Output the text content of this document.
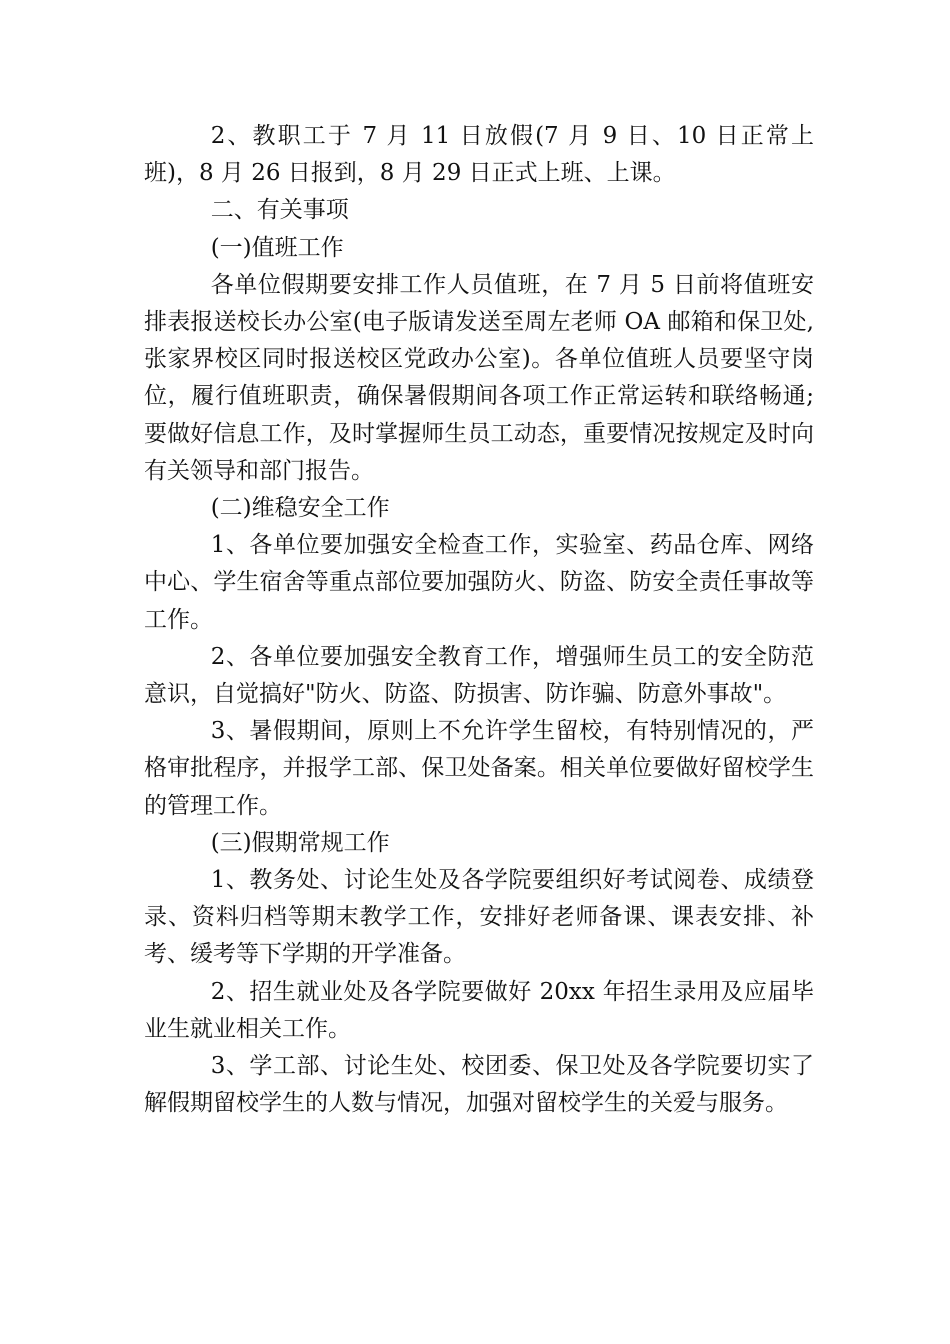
2、教职工于 7 月 11 日放假(7 月 9 日、10 日正常上班)，8 月 26 日报到，8 月 29 日正式上班、上课。

二、有关事项

(一)值班工作

各单位假期要安排工作人员值班，在 7 月 5 日前将值班安排表报送校长办公室(电子版请发送至周左老师 OA 邮箱和保卫处,张家界校区同时报送校区党政办公室)。各单位值班人员要坚守岗位，履行值班职责，确保暑假期间各项工作正常运转和联络畅通;要做好信息工作，及时掌握师生员工动态，重要情况按规定及时向有关领导和部门报告。

(二)维稳安全工作

1、各单位要加强安全检查工作，实验室、药品仓库、网络中心、学生宿舍等重点部位要加强防火、防盗、防安全责任事故等工作。

2、各单位要加强安全教育工作，增强师生员工的安全防范意识，自觉搞好"防火、防盗、防损害、防诈骗、防意外事故"。

3、暑假期间，原则上不允许学生留校，有特别情况的，严格审批程序，并报学工部、保卫处备案。相关单位要做好留校学生的管理工作。

(三)假期常规工作

1、教务处、讨论生处及各学院要组织好考试阅卷、成绩登录、资料归档等期末教学工作，安排好老师备课、课表安排、补考、缓考等下学期的开学准备。

2、招生就业处及各学院要做好 20xx 年招生录用及应届毕业生就业相关工作。

3、学工部、讨论生处、校团委、保卫处及各学院要切实了解假期留校学生的人数与情况，加强对留校学生的关爱与服务。
